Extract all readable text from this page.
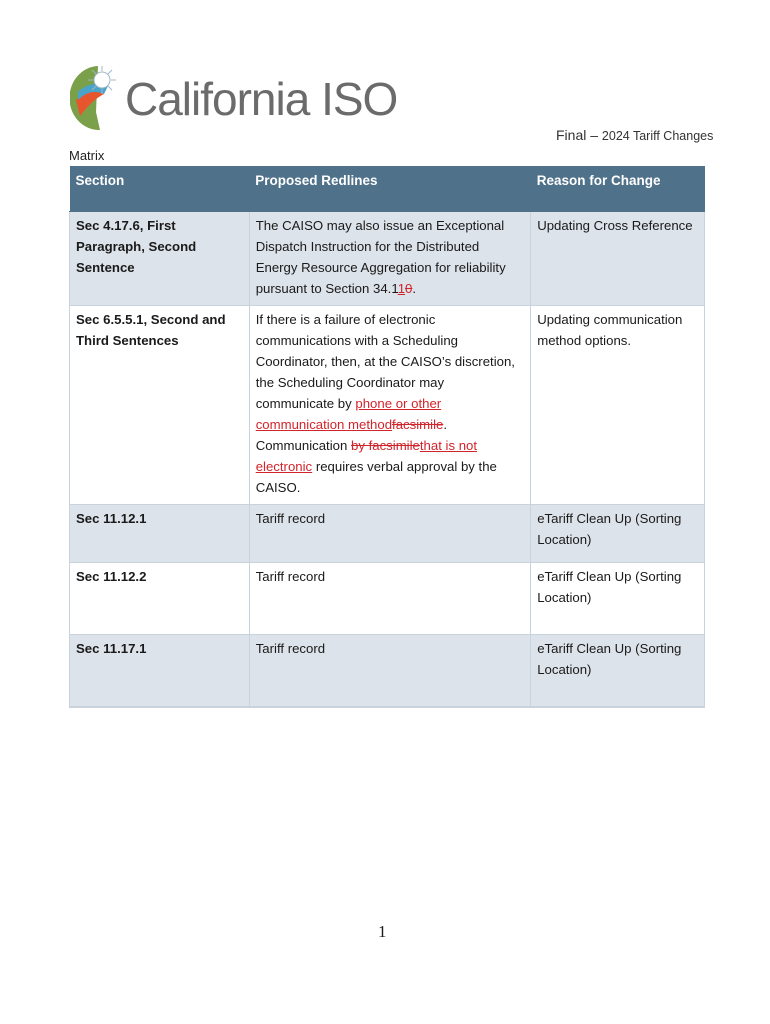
California ISO
Final – 2024 Tariff Changes
Matrix
Section	Proposed Redlines	Reason for Change
Sec 4.17.6, First Paragraph, Second Sentence	The CAISO may also issue an Exceptional Dispatch Instruction for the Distributed Energy Resource Aggregation for reliability pursuant to Section 34.110.	Updating Cross Reference
Sec 6.5.5.1, Second and Third Sentences	If there is a failure of electronic communications with a Scheduling Coordinator, then, at the CAISO’s discretion, the Scheduling Coordinator may communicate by phone or other communication methodfacsimile. Communication by facsimilethat is not electronic requires verbal approval by the CAISO.	Updating communication method options.
Sec 11.12.1	Tariff record	eTariff Clean Up (Sorting Location)
Sec 11.12.2	Tariff record	eTariff Clean Up (Sorting Location)
Sec 11.17.1	Tariff record	eTariff Clean Up (Sorting Location)
1
